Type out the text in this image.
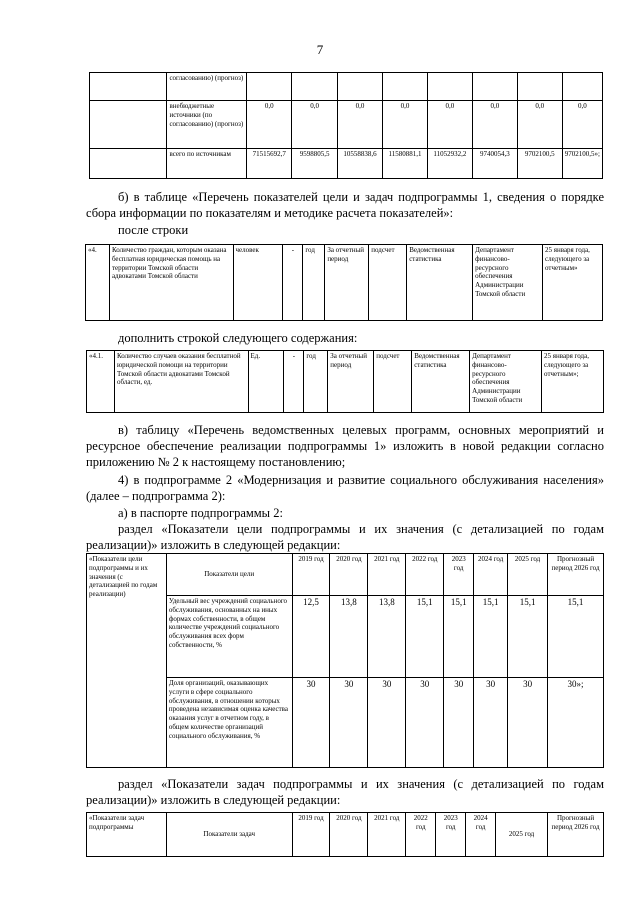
7
	согласованию) (прогноз)								
	внебюджетные источники (по согласованию) (прогноз)	0,0	0,0	0,0	0,0	0,0	0,0	0,0	0,0
	всего по источникам	71515692,7	9598805,5	10558838,6	11580881,1	11052932,2	9740054,3	9702100,5	9702100,5»;
б) в таблице «Перечень показателей цели и задач подпрограммы 1, сведения о порядке сбора информации по показателям и методике расчета показателей»:
после строки
«4.	Количество граждан, которым оказана бесплатная юридическая помощь на территории Томской области адвокатами Томской области	человек	-	год	За отчетный период	подсчет	Ведомственная статистика	Департамент финансово-ресурсного обеспечения Администрации Томской области	25 января года, следующего за отчетным»
дополнить строкой следующего содержания:
«4.1.	Количество случаев оказания бесплатной юридической помощи на территории Томской области адвокатами Томской области, ед.	Ед.	-	год	За отчетный период	подсчет	Ведомственная статистика	Департамент финансово-ресурсного обеспечения Администрации Томской области	25 января года, следующего за отчетным»;
в) таблицу «Перечень ведомственных целевых программ, основных мероприятий и ресурсное обеспечение реализации подпрограммы 1» изложить в новой редакции согласно приложению № 2 к настоящему постановлению;
4) в подпрограмме 2 «Модернизация и развитие социального обслуживания населения» (далее – подпрограмма 2):
а) в паспорте подпрограммы 2:
раздел «Показатели цели подпрограммы и их значения (с детализацией по годам реализации)» изложить в следующей редакции:
«Показатели цели подпрограммы и их значения (с детализацией по годам реализации)	Показатели цели	2019 год	2020 год	2021 год	2022 год	2023 год	2024 год	2025 год	Прогнозный период 2026 год
	Удельный вес учреждений социального обслуживания, основанных на иных формах собственности, в общем количестве учреждений социального обслуживания всех форм собственности, %	12,5	13,8	13,8	15,1	15,1	15,1	15,1	15,1
	Доля организаций, оказывающих услуги в сфере социального обслуживания, в отношении которых проведена независимая оценка качества оказания услуг в отчетном году, в общем количестве организаций социального обслуживания, %	30	30	30	30	30	30	30	30»;
раздел «Показатели задач подпрограммы и их значения (с детализацией по годам реализации)» изложить в следующей редакции:
«Показатели задач подпрограммы	Показатели задач	2019 год	2020 год	2021 год	2022 год	2023 год	2024 год	2025 год	Прогнозный период 2026 год
